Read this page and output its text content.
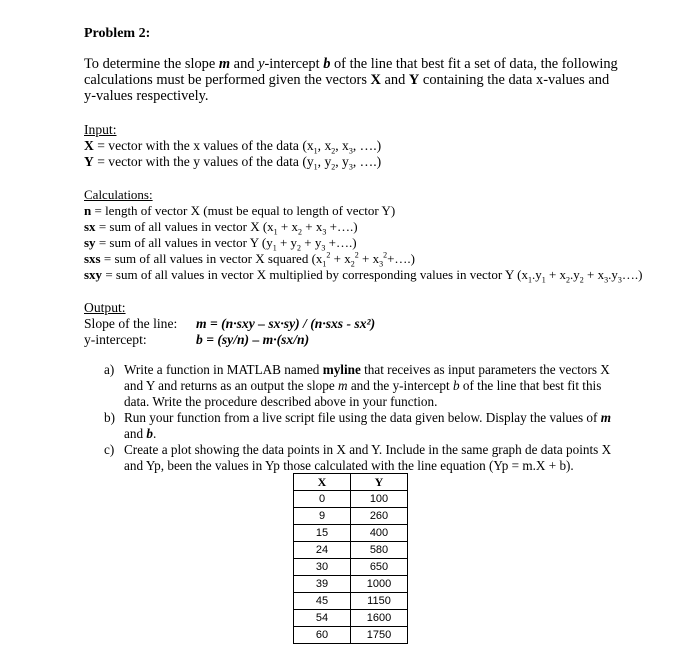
Problem 2:

To determine the slope m and y-intercept b of the line that best fit a set of data, the following calculations must be performed given the vectors X and Y containing the data x-values and y-values respectively.

Input:

X = vector with the x values of the data ($x_1$, $x_2$, $x_3$, ….)

Y = vector with the y values of the data ($y_1$, $y_2$, $y_3$, ….)

Calculations:

n = length of vector X (must be equal to length of vector Y)

sx = sum of all values in vector X ($x_1 + x_2 + x_3$ +….)

sy = sum of all values in vector Y ($y_1 + y_2 + y_3$ +….)

sxs = sum of all values in vector X squared ($x_1^2 + x_2^2$ + $x_3^2+\dots$.)

sxy = sum of all values in vector X multiplied by corresponding values in vector Y ($x_1.y_1 + x_2.y_2$ + $x_3.y_3\dots$.)

Output:

Slope of the line:	m = (n·sxy – sx·sy) / (n·sxs - sx²)
y-intercept:	b = (sy/n) – m·(sx/n)
a) Write a function in MATLAB named myline that receives as input parameters the vectors X and Y and returns as an output the slope m and the y-intercept b of the line that best fit this data. Write the procedure described above in your function.
b) Run your function from a live script file using the data given below. Display the values of m and b.
c) Create a plot showing the data points in X and Y. Include in the same graph de data points X and Yp, been the values in Yp those calculated with the line equation (Yp = m.X + b).
X	Y
0	100
9	260
15	400
24	580
30	650
39	1000
45	1150
54	1600
60	1750
